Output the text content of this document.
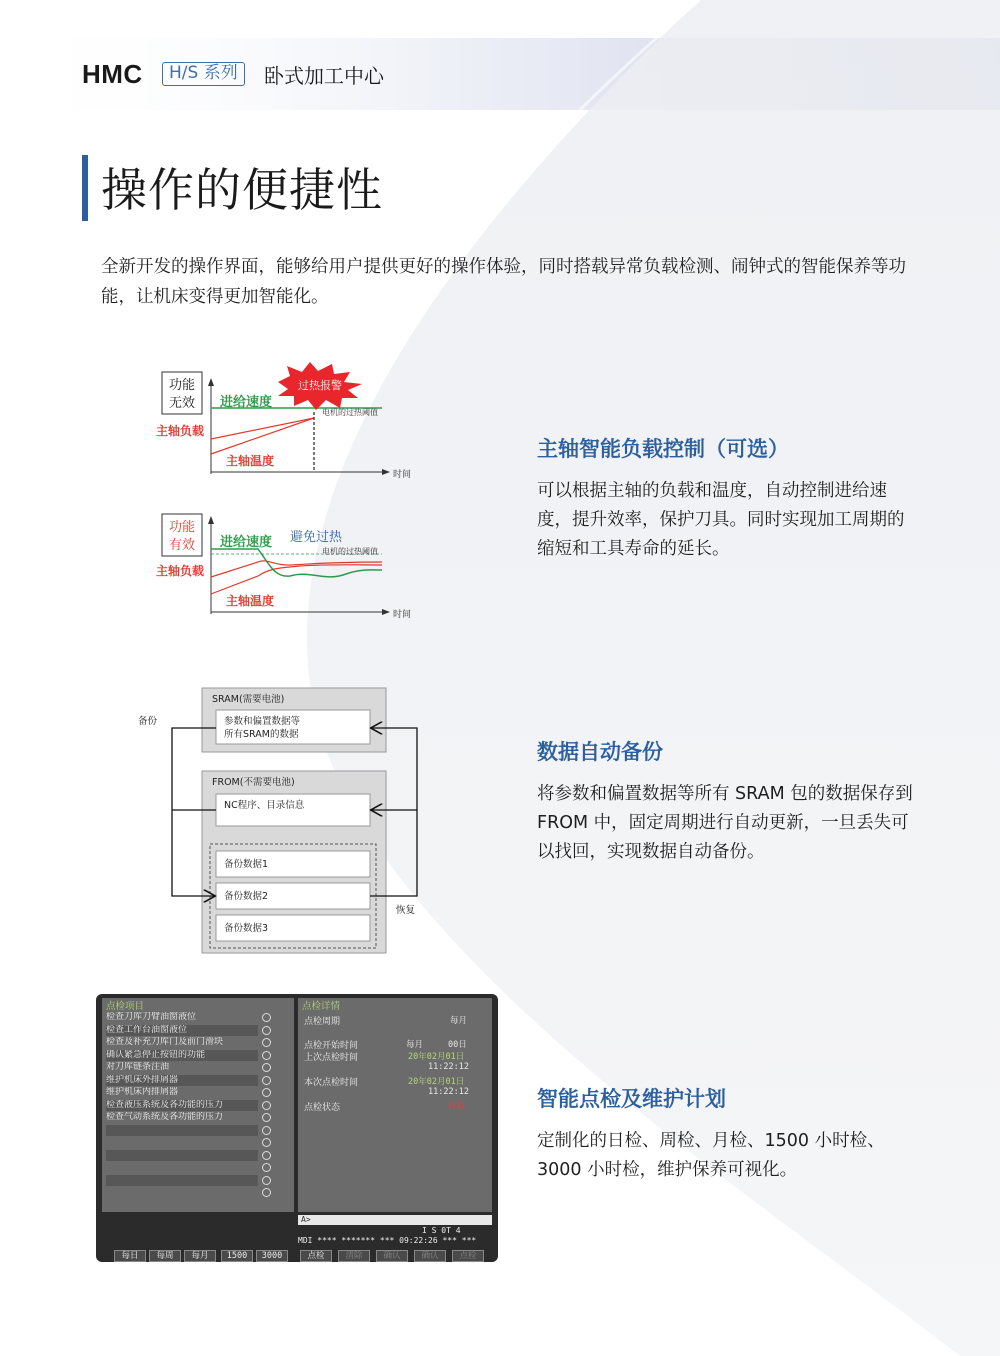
HMC	H/S 系列	卧式加工中心
操作的便捷性
全新开发的操作界面，能够给用户提供更好的操作体验，同时搭载异常负载检测、闹钟式的智能保养等功能，让机床变得更加智能化。
功能
无效
过热报警
进给速度
电机的过热阈值
主轴负载
主轴温度
时间
功能
有效 进给速度 避免过热
电机的过热阈值
主轴负载
主轴温度
时间
SRAM(需要电池)
参数和偏置数据等
所有SRAM的数据
FROM(不需要电池)
NC程序、目录信息
备份数据1
备份数据2
备份数据3
备份
恢复
主轴智能负载控制（可选）

可以根据主轴的负载和温度，自动控制进给速度，提升效率，保护刀具。同时实现加工周期的缩短和工具寿命的延长。

数据自动备份

将参数和偏置数据等所有 SRAM 包的数据保存到 FROM 中，固定周期进行自动更新，一旦丢失可以找回，实现数据自动备份。

智能点检及维护计划

定制化的日检、周检、月检、1500 小时检、3000 小时检，维护保养可视化。

点检项目
检查刀库刀臂油窗液位
检查工作台油窗液位
检查及补充刀库门及前门滑块
确认紧急停止按钮的功能
对刀库链条注油
维护机床外排屑器
维护机床内排屑器
检查液压系统及各功能的压力
检查气动系统及各功能的压力
点检详情
点检周期	每月
点检开始时间	每月	00日
上次点检时间	20年02月01日
11:22:12
本次点检时间	20年02月01日
11:22:12
点检状态	待检
A>
I S 0T 4
MDI **** ******* *** 09:22:26 *** ***
每日	每周	每月	1500	3000	点检	清除	确认	确认	点检
